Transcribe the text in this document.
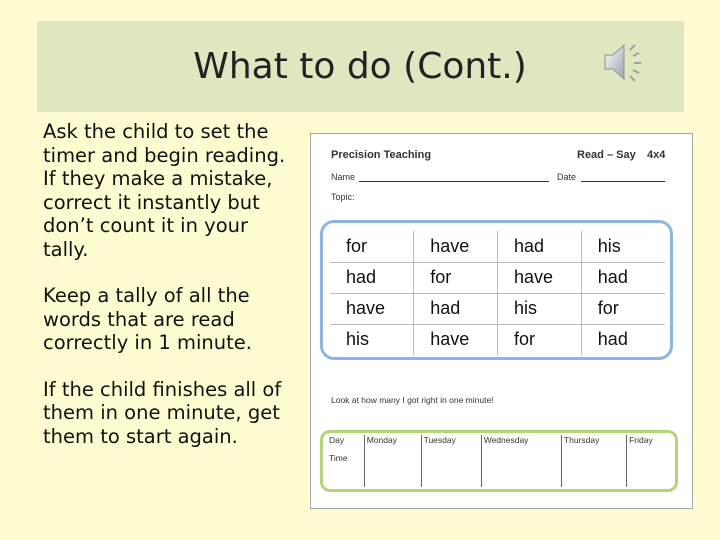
What to do (Cont.)

Ask the child to set the timer and begin reading. If they make a mistake, correct it instantly but don’t count it in your tally.

Keep a tally of all the words that are read correctly in 1 minute.

If the child finishes all of them in one minute, get them to start again.

Precision Teaching	Read – Say 4x4
Name	Date
Topic:
for	have	had	his
had	for	have	had
have	had	his	for
his	have	for	had
Look at how many I got right in one minute!
Day	Monday	Tuesday	Wednesday	Thursday	Friday
Time					
